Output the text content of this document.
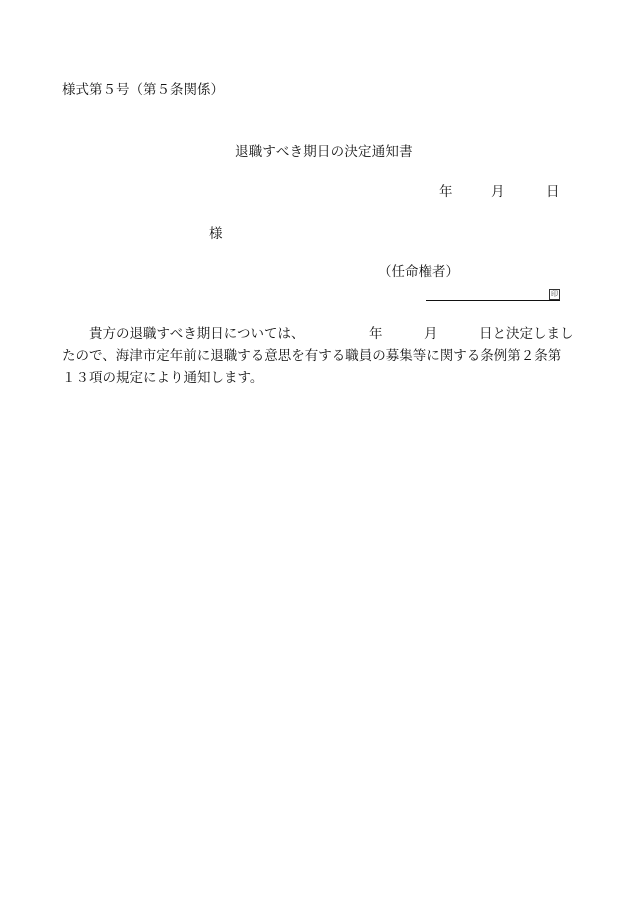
様式第５号（第５条関係）
退職すべき期日の決定通知書
年	月	日
様
（任命権者）
印
貴方の退職すべき期日については、	年	月	日と決定しまし
たので、海津市定年前に退職する意思を有する職員の募集等に関する条例第２条第
１３項の規定により通知します。
